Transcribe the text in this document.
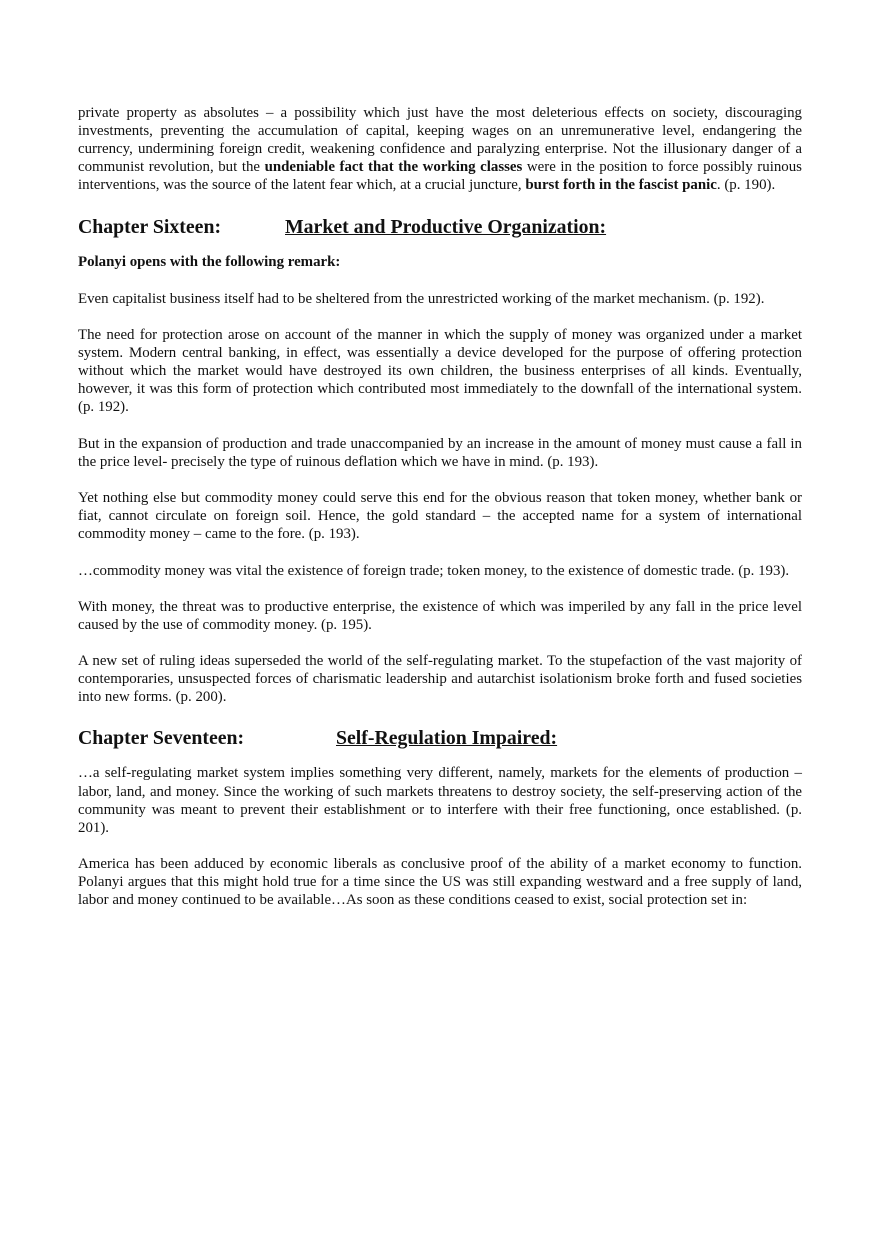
private property as absolutes – a possibility which just have the most deleterious effects on society, discouraging investments, preventing the accumulation of capital, keeping wages on an unremunerative level, endangering the currency, undermining foreign credit, weakening confidence and paralyzing enterprise. Not the illusionary danger of a communist revolution, but the undeniable fact that the working classes were in the position to force possibly ruinous interventions, was the source of the latent fear which, at a crucial juncture, burst forth in the fascist panic. (p. 190).

Chapter Sixteen:	Market and Productive Organization:

Polanyi opens with the following remark:

Even capitalist business itself had to be sheltered from the unrestricted working of the market mechanism. (p. 192).

The need for protection arose on account of the manner in which the supply of money was organized under a market system. Modern central banking, in effect, was essentially a device developed for the purpose of offering protection without which the market would have destroyed its own children, the business enterprises of all kinds. Eventually, however, it was this form of protection which contributed most immediately to the downfall of the international system. (p. 192).

But in the expansion of production and trade unaccompanied by an increase in the amount of money must cause a fall in the price level- precisely the type of ruinous deflation which we have in mind. (p. 193).

Yet nothing else but commodity money could serve this end for the obvious reason that token money, whether bank or fiat, cannot circulate on foreign soil. Hence, the gold standard – the accepted name for a system of international commodity money – came to the fore. (p. 193).

…commodity money was vital the existence of foreign trade; token money, to the existence of domestic trade. (p. 193).

With money, the threat was to productive enterprise, the existence of which was imperiled by any fall in the price level caused by the use of commodity money. (p. 195).

A new set of ruling ideas superseded the world of the self-regulating market. To the stupefaction of the vast majority of contemporaries, unsuspected forces of charismatic leadership and autarchist isolationism broke forth and fused societies into new forms. (p. 200).

Chapter Seventeen:	Self-Regulation Impaired:

…a self-regulating market system implies something very different, namely, markets for the elements of production – labor, land, and money. Since the working of such markets threatens to destroy society, the self-preserving action of the community was meant to prevent their establishment or to interfere with their free functioning, once established. (p. 201).

America has been adduced by economic liberals as conclusive proof of the ability of a market economy to function. Polanyi argues that this might hold true for a time since the US was still expanding westward and a free supply of land, labor and money continued to be available…As soon as these conditions ceased to exist, social protection set in:
